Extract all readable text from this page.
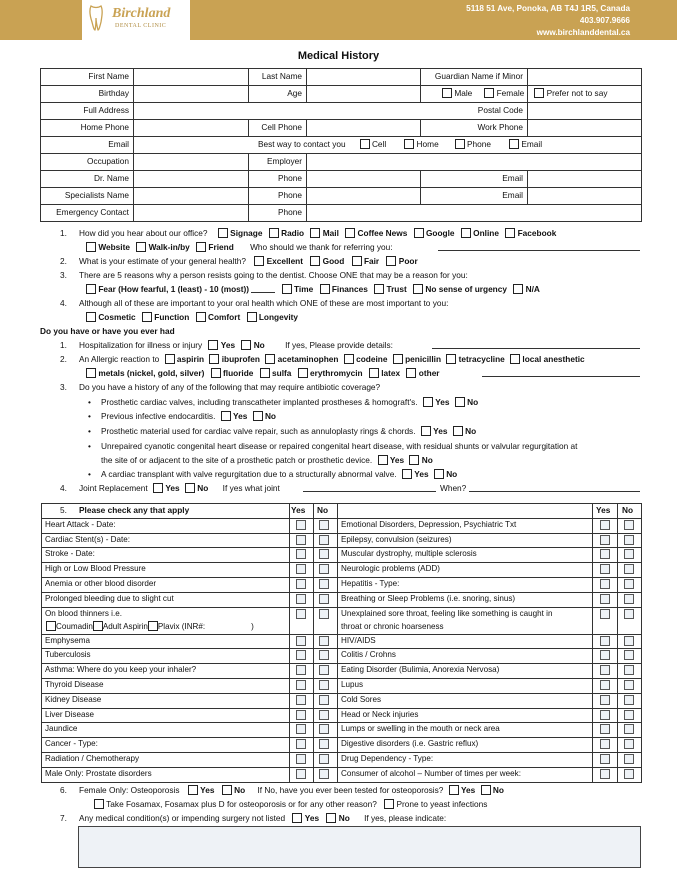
Birchland
DENTAL CLINIC
5118 51 Ave, Ponoka, AB T4J 1R5, Canada
403.907.9666
www.birchlanddental.ca
Medical History
First Name	Last Name	Guardian Name if Minor
Birthday	Age	Male	Female	Prefer not to say
Full Address	Postal Code
Home Phone	Cell Phone	Work Phone
Email	Best way to contact you	Cell	Home	Phone	Email
Occupation	Employer
Dr. Name	Phone	Email
Specialists Name	Phone	Email
Emergency Contact	Phone
1. How did you hear about our office?	Signage Radio Mail Coffee News Google Online Facebook
Website Walk-in/by Friend Who should we thank for referring you:
2. What is your estimate of your general health? Excellent Good Fair Poor
3. There are 5 reasons why a person resists going to the dentist. Choose ONE that may be a reason for you:
Fear (How fearful, 1 (least) - 10 (most))	Time Finances Trust No sense of urgency N/A
4. Although all of these are important to your oral health which ONE of these are most important to you:
Cosmetic Function Comfort Longevity
Do you have or have you ever had
1. Hospitalization for illness or injury Yes No If yes, Please provide details:
2. An Allergic reaction to aspirin ibuprofen acetaminophen codeine penicillin tetracycline local anesthetic
metals (nickel, gold, silver) fluoride sulfa erythromycin latex other
3. Do you have a history of any of the following that may require antibiotic coverage?
• Prosthetic cardiac valves, including transcatheter implanted prostheses & homograft's. Yes No
• Previous infective endocarditis. Yes No
• Prosthetic material used for cardiac valve repair, such as annuloplasty rings & chords. Yes No
• Unrepaired cyanotic congenital heart disease or repaired congenital heart disease, with residual shunts or valvular regurgitation at
the site of or adjacent to the site of a prosthetic patch or prosthetic device. Yes No
• A cardiac transplant with valve regurgitation due to a structurally abnormal valve. Yes No
4. Joint Replacement Yes No If yes what joint	When?
5. Please check any that apply	Yes No	Yes No
Heart Attack - Date:	Emotional Disorders, Depression, Psychiatric Txt
Cardiac Stent(s) - Date:	Epilepsy, convulsion (seizures)
Stroke - Date:	Muscular dystrophy, multiple sclerosis
High or Low Blood Pressure	Neurologic problems (ADD)
Anemia or other blood disorder	Hepatitis - Type:
Prolonged bleeding due to slight cut	Breathing or Sleep Problems (i.e. snoring, sinus)
On blood thinners i.e.	Unexplained sore throat, feeling like something is caught in
Coumadin Adult Aspirin Plavix (INR#:	)	throat or chronic hoarseness
Emphysema	HIV/AIDS
Tuberculosis	Colitis / Crohns
Asthma: Where do you keep your inhaler?	Eating Disorder (Bulimia, Anorexia Nervosa)
Thyroid Disease	Lupus
Kidney Disease	Cold Sores
Liver Disease	Head or Neck injuries
Jaundice	Lumps or swelling in the mouth or neck area
Cancer - Type:	Digestive disorders (i.e. Gastric reflux)
Radiation / Chemotherapy	Drug Dependency - Type:
Male Only: Prostate disorders	Consumer of alcohol – Number of times per week:
6. Female Only: Osteoporosis Yes No If No, have you ever been tested for osteoporosis? Yes No
Take Fosamax, Fosamax plus D for osteoporosis or for any other reason? Prone to yeast infections
7. Any medical condition(s) or impending surgery not listed Yes No If yes, please indicate:
